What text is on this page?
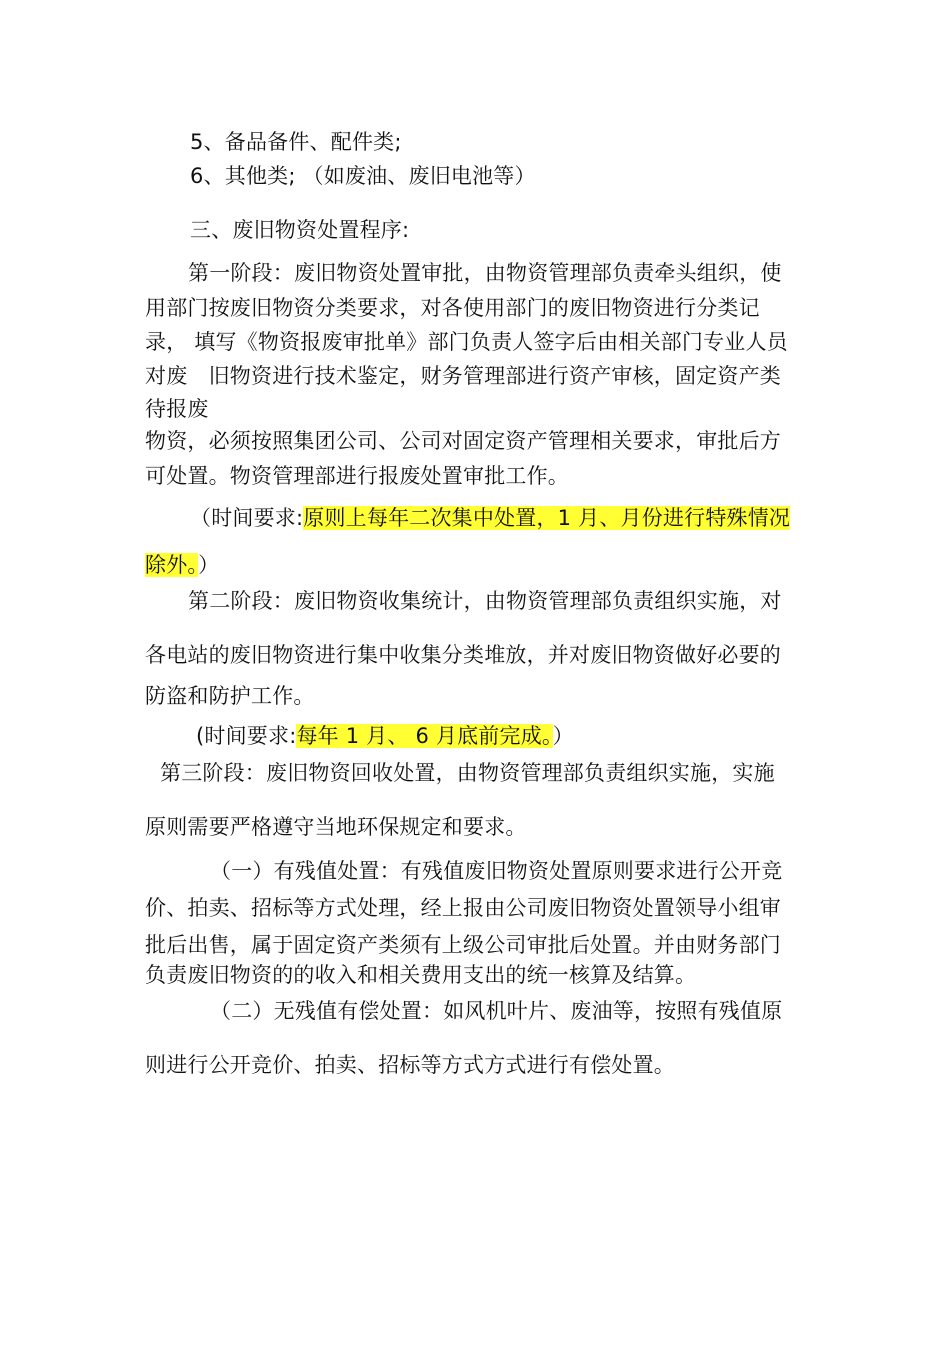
5、备品备件、配件类;
6、其他类; （如废油、废旧电池等）
三、废旧物资处置程序:
第一阶段：废旧物资处置审批，由物资管理部负责牵头组织，使
用部门按废旧物资分类要求，对各使用部门的废旧物资进行分类记
录， 填写《物资报废审批单》部门负责人签字后由相关部门专业人员
对废　旧物资进行技术鉴定，财务管理部进行资产审核，固定资产类
待报废
物资，必须按照集团公司、公司对固定资产管理相关要求，审批后方
可处置。物资管理部进行报废处置审批工作。
（时间要求:原则上每年二次集中处置，1 月、月份进行特殊情况
除外。）
第二阶段：废旧物资收集统计，由物资管理部负责组织实施，对
各电站的废旧物资进行集中收集分类堆放，并对废旧物资做好必要的
防盗和防护工作。
(时间要求:每年 1 月、 6 月底前完成。）
第三阶段：废旧物资回收处置，由物资管理部负责组织实施，实施
原则需要严格遵守当地环保规定和要求。
（一）有残值处置：有残值废旧物资处置原则要求进行公开竞
价、拍卖、招标等方式处理，经上报由公司废旧物资处置领导小组审
批后出售，属于固定资产类须有上级公司审批后处置。并由财务部门
负责废旧物资的的收入和相关费用支出的统一核算及结算。
（二）无残值有偿处置：如风机叶片、废油等，按照有残值原
则进行公开竞价、拍卖、招标等方式方式进行有偿处置。
